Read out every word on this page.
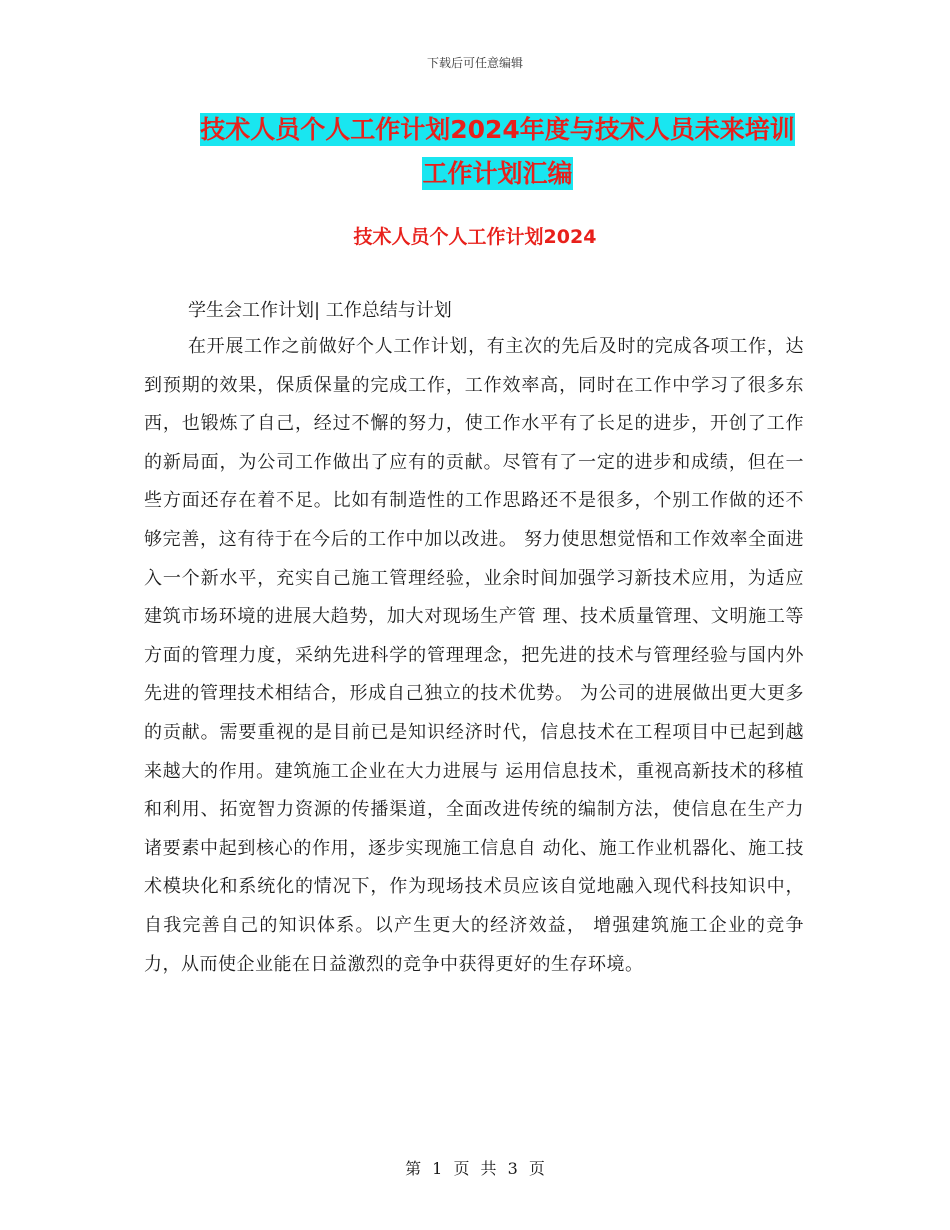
下载后可任意编辑
技术人员个人工作计划2024年度与技术人员未来培训
工作计划汇编
技术人员个人工作计划2024
学生会工作计划| 工作总结与计划

在开展工作之前做好个人工作计划，有主次的先后及时的完成各项工作，达到预期的效果，保质保量的完成工作，工作效率高，同时在工作中学习了很多东西，也锻炼了自己，经过不懈的努力，使工作水平有了长足的进步，开创了工作的新局面，为公司工作做出了应有的贡献。尽管有了一定的进步和成绩，但在一些方面还存在着不足。比如有制造性的工作思路还不是很多，个别工作做的还不够完善，这有待于在今后的工作中加以改进。 努力使思想觉悟和工作效率全面进入一个新水平，充实自己施工管理经验，业余时间加强学习新技术应用，为适应建筑市场环境的进展大趋势，加大对现场生产管 理、技术质量管理、文明施工等方面的管理力度，采纳先进科学的管理理念，把先进的技术与管理经验与国内外先进的管理技术相结合，形成自己独立的技术优势。 为公司的进展做出更大更多的贡献。需要重视的是目前已是知识经济时代，信息技术在工程项目中已起到越来越大的作用。建筑施工企业在大力进展与 运用信息技术，重视高新技术的移植和利用、拓宽智力资源的传播渠道，全面改进传统的编制方法，使信息在生产力诸要素中起到核心的作用，逐步实现施工信息自 动化、施工作业机器化、施工技术模块化和系统化的情况下，作为现场技术员应该自觉地融入现代科技知识中，自我完善自己的知识体系。以产生更大的经济效益， 增强建筑施工企业的竞争力，从而使企业能在日益激烈的竞争中获得更好的生存环境。

第 1 页 共 3 页
